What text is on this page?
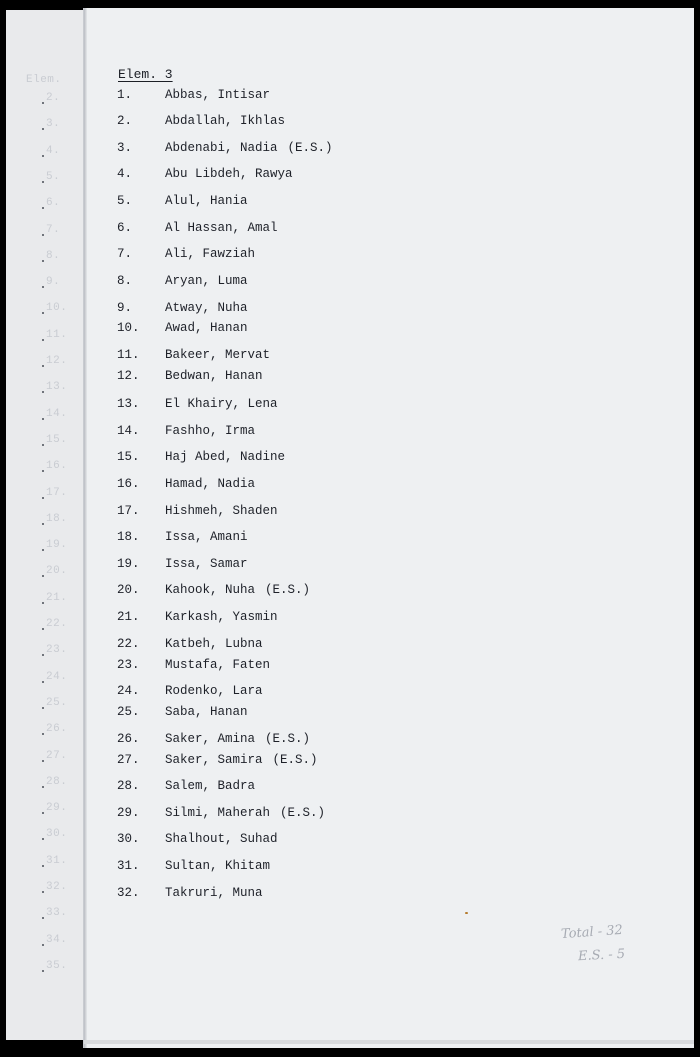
Elem.
2.
3.
4.
5.
6.
7.
8.
9.
10.
11.
12.
13.
14.
15.
16.
17.
18.
19.
20.
21.
22.
23.
24.
25.
26.
27.
28.
29.
30.
31.
32.
33.
34.
35.
Elem. 3
1.	Abbas, Intisar
2.	Abdallah, Ikhlas
3.	Abdenabi, Nadia (E.S.)
4.	Abu Libdeh, Rawya
5.	Alul, Hania
6.	Al Hassan, Amal
7.	Ali, Fawziah
8.	Aryan, Luma
9.	Atway, Nuha
10. Awad, Hanan
11. Bakeer, Mervat
12. Bedwan, Hanan
13. El Khairy, Lena
14. Fashho, Irma
15. Haj Abed, Nadine
16. Hamad, Nadia
17. Hishmeh, Shaden
18. Issa, Amani
19. Issa, Samar
20. Kahook, Nuha (E.S.)
21. Karkash, Yasmin
22. Katbeh, Lubna
23. Mustafa, Faten
24. Rodenko, Lara
25. Saba, Hanan
26. Saker, Amina (E.S.)
27. Saker, Samira (E.S.)
28. Salem, Badra
29. Silmi, Maherah (E.S.)
30. Shalhout, Suhad
31. Sultan, Khitam
32. Takruri, Muna
Total - 32
E.S. - 5
